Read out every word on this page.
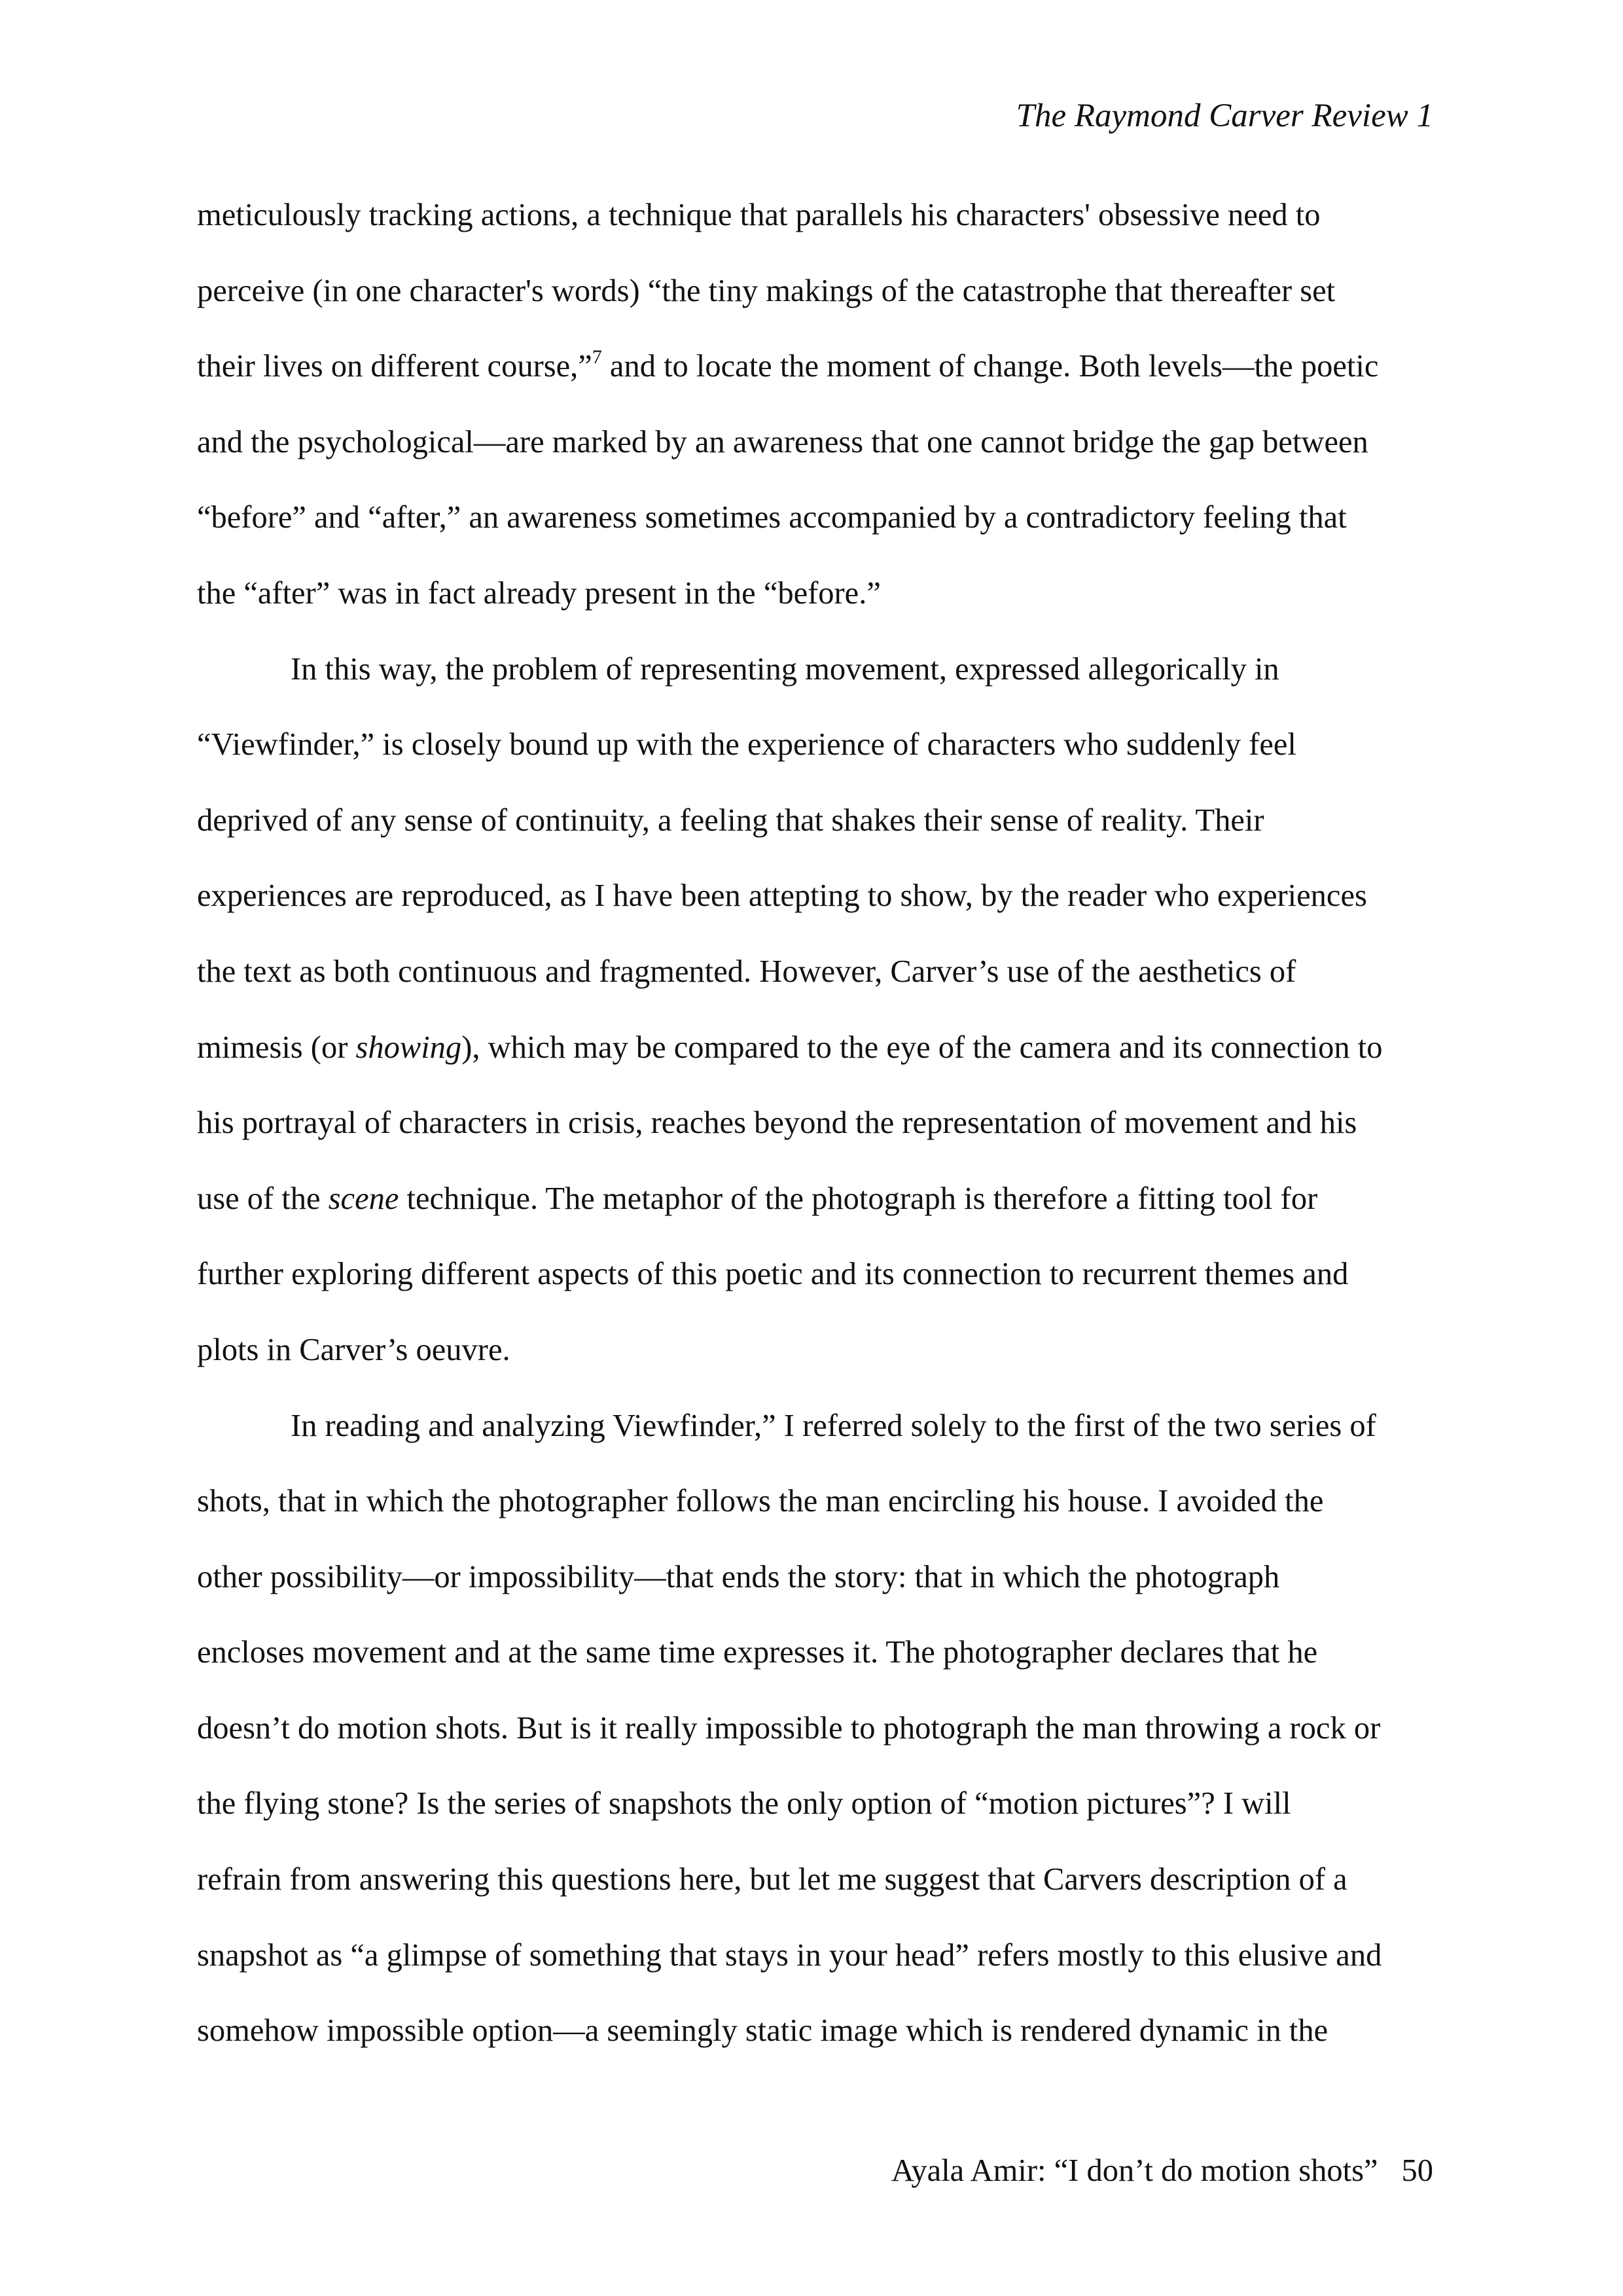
The Raymond Carver Review 1
meticulously tracking actions, a technique that parallels his characters' obsessive need to
perceive (in one character's words) “the tiny makings of the catastrophe that thereafter set
their lives on different course,”$^7$ and to locate the moment of change. Both levels—the poetic
and the psychological—are marked by an awareness that one cannot bridge the gap between
“before” and “after,” an awareness sometimes accompanied by a contradictory feeling that
the “after” was in fact already present in the “before.”
In this way, the problem of representing movement, expressed allegorically in
“Viewfinder,” is closely bound up with the experience of characters who suddenly feel
deprived of any sense of continuity, a feeling that shakes their sense of reality. Their
experiences are reproduced, as I have been attepting to show, by the reader who experiences
the text as both continuous and fragmented. However, Carver’s use of the aesthetics of
mimesis (or showing), which may be compared to the eye of the camera and its connection to
his portrayal of characters in crisis, reaches beyond the representation of movement and his
use of the scene technique. The metaphor of the photograph is therefore a fitting tool for
further exploring different aspects of this poetic and its connection to recurrent themes and
plots in Carver’s oeuvre.
In reading and analyzing Viewfinder,” I referred solely to the first of the two series of
shots, that in which the photographer follows the man encircling his house. I avoided the
other possibility—or impossibility—that ends the story: that in which the photograph
encloses movement and at the same time expresses it. The photographer declares that he
doesn’t do motion shots. But is it really impossible to photograph the man throwing a rock or
the flying stone? Is the series of snapshots the only option of “motion pictures”? I will
refrain from answering this questions here, but let me suggest that Carvers description of a
snapshot as “a glimpse of something that stays in your head” refers mostly to this elusive and
somehow impossible option—a seemingly static image which is rendered dynamic in the
Ayala Amir: “I don’t do motion shots” 50
